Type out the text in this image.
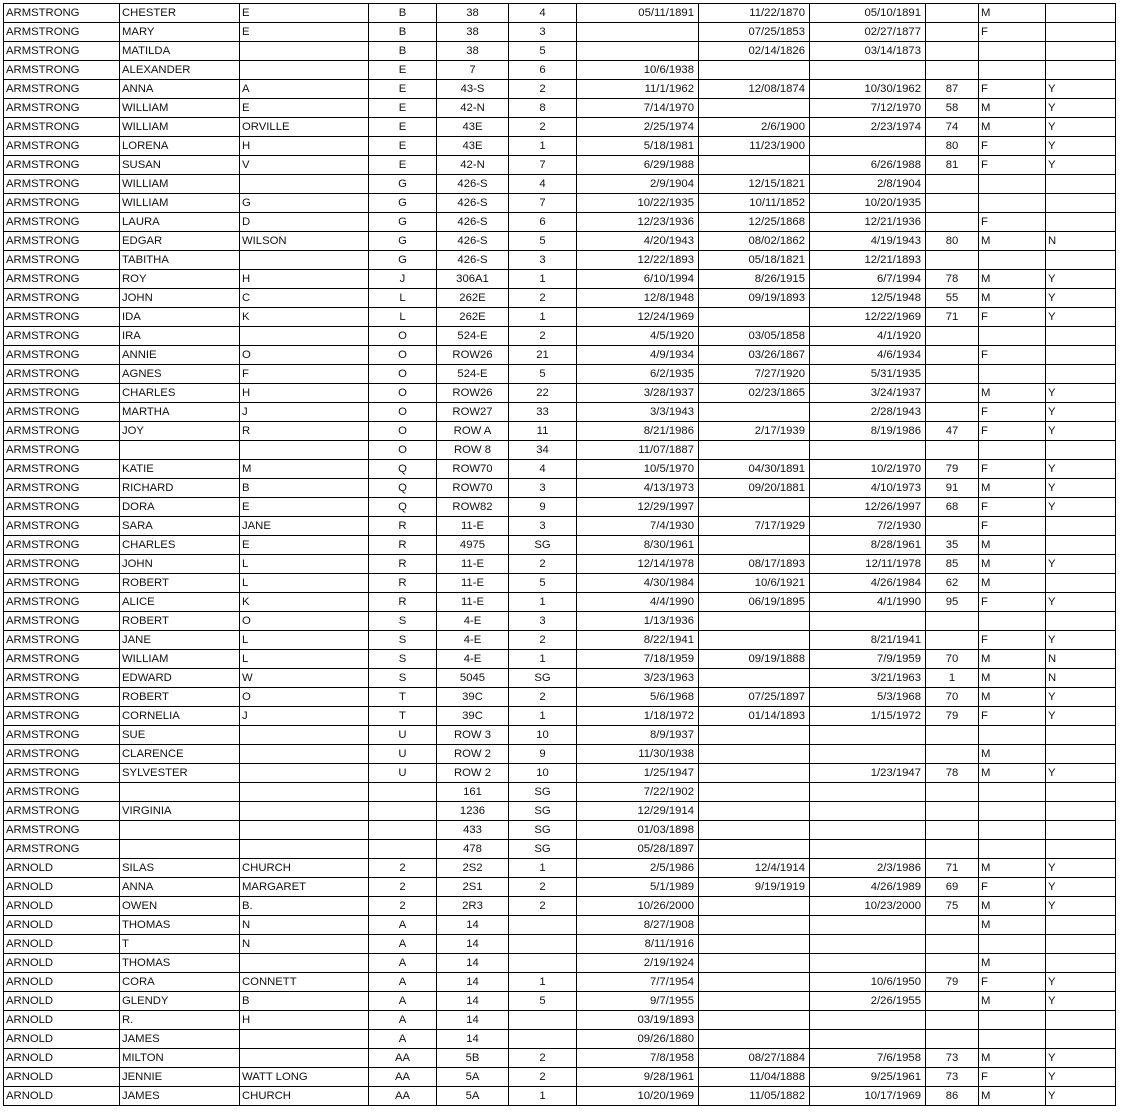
ARMSTRONG	CHESTER	E	B	38	4	05/11/1891	11/22/1870	05/10/1891		M	
ARMSTRONG	MARY	E	B	38	3		07/25/1853	02/27/1877		F	
ARMSTRONG	MATILDA		B	38	5		02/14/1826	03/14/1873			
ARMSTRONG	ALEXANDER		E	7	6	10/6/1938					
ARMSTRONG	ANNA	A	E	43-S	2	11/1/1962	12/08/1874	10/30/1962	87	F	Y
ARMSTRONG	WILLIAM	E	E	42-N	8	7/14/1970		7/12/1970	58	M	Y
ARMSTRONG	WILLIAM	ORVILLE	E	43E	2	2/25/1974	2/6/1900	2/23/1974	74	M	Y
ARMSTRONG	LORENA	H	E	43E	1	5/18/1981	11/23/1900		80	F	Y
ARMSTRONG	SUSAN	V	E	42-N	7	6/29/1988		6/26/1988	81	F	Y
ARMSTRONG	WILLIAM		G	426-S	4	2/9/1904	12/15/1821	2/8/1904			
ARMSTRONG	WILLIAM	G	G	426-S	7	10/22/1935	10/11/1852	10/20/1935			
ARMSTRONG	LAURA	D	G	426-S	6	12/23/1936	12/25/1868	12/21/1936		F	
ARMSTRONG	EDGAR	WILSON	G	426-S	5	4/20/1943	08/02/1862	4/19/1943	80	M	N
ARMSTRONG	TABITHA		G	426-S	3	12/22/1893	05/18/1821	12/21/1893			
ARMSTRONG	ROY	H	J	306A1	1	6/10/1994	8/26/1915	6/7/1994	78	M	Y
ARMSTRONG	JOHN	C	L	262E	2	12/8/1948	09/19/1893	12/5/1948	55	M	Y
ARMSTRONG	IDA	K	L	262E	1	12/24/1969		12/22/1969	71	F	Y
ARMSTRONG	IRA		O	524-E	2	4/5/1920	03/05/1858	4/1/1920			
ARMSTRONG	ANNIE	O	O	ROW26	21	4/9/1934	03/26/1867	4/6/1934		F	
ARMSTRONG	AGNES	F	O	524-E	5	6/2/1935	7/27/1920	5/31/1935			
ARMSTRONG	CHARLES	H	O	ROW26	22	3/28/1937	02/23/1865	3/24/1937		M	Y
ARMSTRONG	MARTHA	J	O	ROW27	33	3/3/1943		2/28/1943		F	Y
ARMSTRONG	JOY	R	O	ROW A	11	8/21/1986	2/17/1939	8/19/1986	47	F	Y
ARMSTRONG			O	ROW 8	34	11/07/1887					
ARMSTRONG	KATIE	M	Q	ROW70	4	10/5/1970	04/30/1891	10/2/1970	79	F	Y
ARMSTRONG	RICHARD	B	Q	ROW70	3	4/13/1973	09/20/1881	4/10/1973	91	M	Y
ARMSTRONG	DORA	E	Q	ROW82	9	12/29/1997		12/26/1997	68	F	Y
ARMSTRONG	SARA	JANE	R	11-E	3	7/4/1930	7/17/1929	7/2/1930		F	
ARMSTRONG	CHARLES	E	R	4975	SG	8/30/1961		8/28/1961	35	M	
ARMSTRONG	JOHN	L	R	11-E	2	12/14/1978	08/17/1893	12/11/1978	85	M	Y
ARMSTRONG	ROBERT	L	R	11-E	5	4/30/1984	10/6/1921	4/26/1984	62	M	
ARMSTRONG	ALICE	K	R	11-E	1	4/4/1990	06/19/1895	4/1/1990	95	F	Y
ARMSTRONG	ROBERT	O	S	4-E	3	1/13/1936					
ARMSTRONG	JANE	L	S	4-E	2	8/22/1941		8/21/1941		F	Y
ARMSTRONG	WILLIAM	L	S	4-E	1	7/18/1959	09/19/1888	7/9/1959	70	M	N
ARMSTRONG	EDWARD	W	S	5045	SG	3/23/1963		3/21/1963	1	M	N
ARMSTRONG	ROBERT	O	T	39C	2	5/6/1968	07/25/1897	5/3/1968	70	M	Y
ARMSTRONG	CORNELIA	J	T	39C	1	1/18/1972	01/14/1893	1/15/1972	79	F	Y
ARMSTRONG	SUE		U	ROW 3	10	8/9/1937					
ARMSTRONG	CLARENCE		U	ROW 2	9	11/30/1938				M	
ARMSTRONG	SYLVESTER		U	ROW 2	10	1/25/1947		1/23/1947	78	M	Y
ARMSTRONG				161	SG	7/22/1902					
ARMSTRONG	VIRGINIA			1236	SG	12/29/1914					
ARMSTRONG				433	SG	01/03/1898					
ARMSTRONG				478	SG	05/28/1897					
ARNOLD	SILAS	CHURCH	2	2S2	1	2/5/1986	12/4/1914	2/3/1986	71	M	Y
ARNOLD	ANNA	MARGARET	2	2S1	2	5/1/1989	9/19/1919	4/26/1989	69	F	Y
ARNOLD	OWEN	B.	2	2R3	2	10/26/2000		10/23/2000	75	M	Y
ARNOLD	THOMAS	N	A	14		8/27/1908				M	
ARNOLD	T	N	A	14		8/11/1916					
ARNOLD	THOMAS		A	14		2/19/1924				M	
ARNOLD	CORA	CONNETT	A	14	1	7/7/1954		10/6/1950	79	F	Y
ARNOLD	GLENDY	B	A	14	5	9/7/1955		2/26/1955		M	Y
ARNOLD	R.	H	A	14		03/19/1893					
ARNOLD	JAMES		A	14		09/26/1880					
ARNOLD	MILTON		AA	5B	2	7/8/1958	08/27/1884	7/6/1958	73	M	Y
ARNOLD	JENNIE	WATT LONG	AA	5A	2	9/28/1961	11/04/1888	9/25/1961	73	F	Y
ARNOLD	JAMES	CHURCH	AA	5A	1	10/20/1969	11/05/1882	10/17/1969	86	M	Y
